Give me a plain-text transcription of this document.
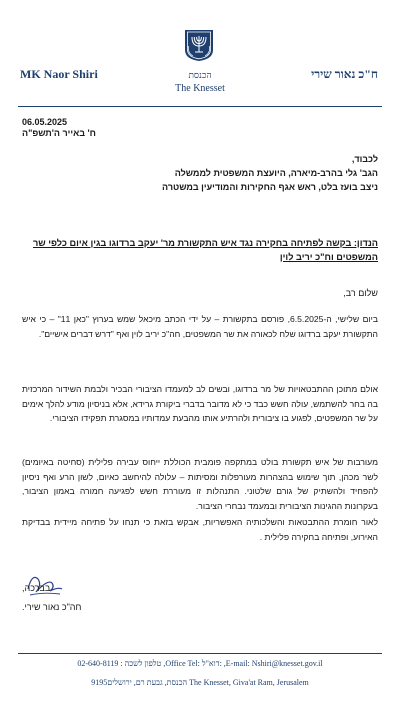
הכנסת
The Knesset
MK Naor Shiri	ח"כ נאור שירי
06.05.2025
ח' באייר ה'תשפ"ה
לכבוד,
הגב' גלי בהרב-מיארה, היועצת המשפטית לממשלה
ניצב בועז בלט, ראש אגף החקירות והמודיעין במשטרה
הנדון: בקשה לפתיחה בחקירה נגד איש התקשורת מר' יעקב ברדוגו בגין איום כלפי שר המשפטים וח"כ יריב לוין
שלום רב,
ביום שלישי, ה-6.5.2025, פורסם בתקשורת – על ידי הכתב מיכאל שמש בערוץ "כאן 11" – כי איש התקשורת יעקב ברדוגו שלח לכאורה את שר המשפטים, חה"כ יריב לוין ואף "דרש דברים אישיים".
אולם מתוכן ההתבטאויות של מר ברדוגו, ובשים לב למעמדו הציבורי הבכיר ולבמת השידור המרכזית בה בחר להשתמש, עולה חשש כבד כי לא מדובר בדברי ביקורת גרידא, אלא בניסיון מודע להלך אימים על שר המשפטים, לפגוע בו ציבורית ולהרתיע אותו מהבעת עמדותיו במסגרת תפקידו הציבורי.
מעורבות של איש תקשורת בולט במתקפה פומבית הכוללת ייחוס עבירה פלילית (סחיטה באיומים) לשר מכהן, תוך שימוש בהצהרות מעורפלות ומסיתות – עלולה להיחשב כאיום, לשון הרע ואף ניסיון להפחיד ולהשתיק של גורם שלטוני. התנהלות זו מעוררת חשש לפגיעה חמורה באמון הציבור, בעקרונות ההגינות הציבורית ובמעמד נבחרי הציבור.
לאור חומרת ההתבטאות והשלכותיה האפשריות, אבקש בזאת כי תנחו על פתיחה מיידית בבדיקת האירוע, ופתיחה בחקירה פלילית .
בברכה,
חה"כ נאור שירי.
טלפון לשכה : 02-640-8119 ,Office Tel: דוא"ל: ,E-mail: Nshiri@knesset.gov.il
הכנסת, גבעת רם, ירושלים9195 The Knesset, Giva'at Ram, Jerusalem
